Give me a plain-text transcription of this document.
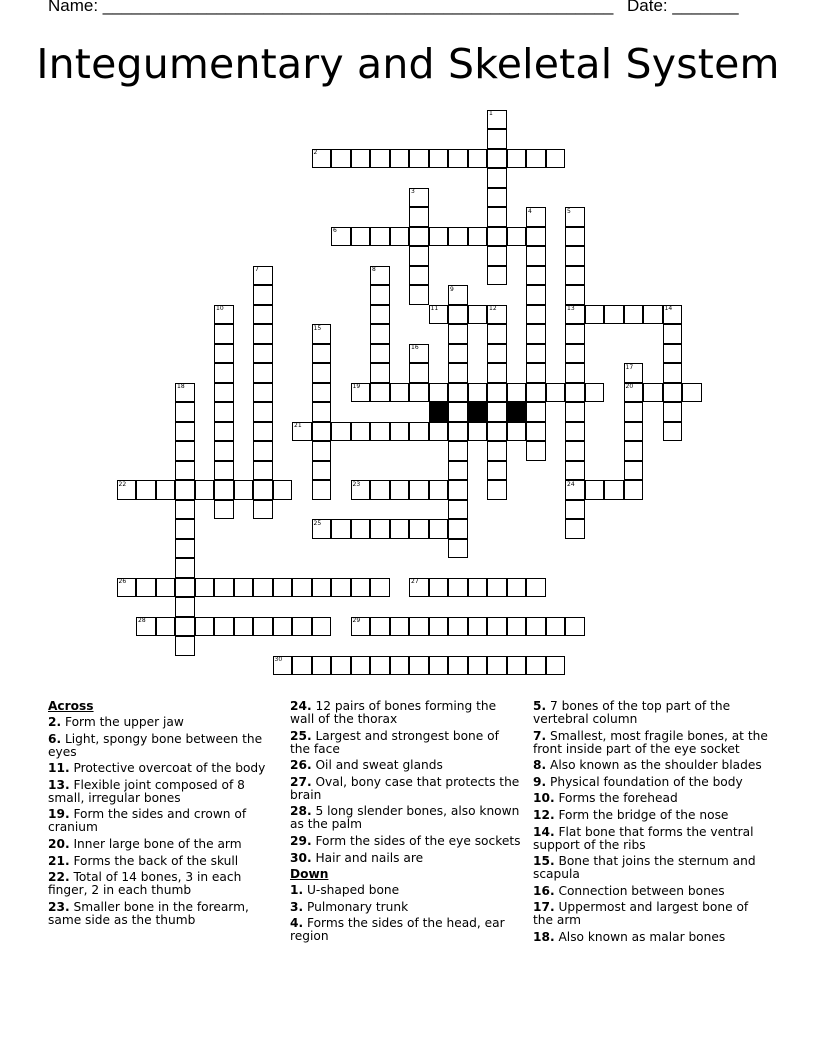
Name: ______________________________________________________ Date: _______
Integumentary and Skeletal System
1
2
3
4	5
6
7	8
9
10	11	12	13	14
15
16
17
18	19	20
21
22	23	24
25
26	27
28	29
30
Across
2. Form the upper jaw
6. Light, spongy bone between the eyes
11. Protective overcoat of the body
13. Flexible joint composed of 8 small, irregular bones
19. Form the sides and crown of cranium
20. Inner large bone of the arm
21. Forms the back of the skull
22. Total of 14 bones, 3 in each finger, 2 in each thumb
23. Smaller bone in the forearm, same side as the thumb
24. 12 pairs of bones forming the wall of the thorax
25. Largest and strongest bone of the face
26. Oil and sweat glands
27. Oval, bony case that protects the brain
28. 5 long slender bones, also known as the palm
29. Form the sides of the eye sockets
30. Hair and nails are
Down
1. U-shaped bone
3. Pulmonary trunk
4. Forms the sides of the head, ear region
5. 7 bones of the top part of the vertebral column
7. Smallest, most fragile bones, at the front inside part of the eye socket
8. Also known as the shoulder blades
9. Physical foundation of the body
10. Forms the forehead
12. Form the bridge of the nose
14. Flat bone that forms the ventral support of the ribs
15. Bone that joins the sternum and scapula
16. Connection between bones
17. Uppermost and largest bone of the arm
18. Also known as malar bones
